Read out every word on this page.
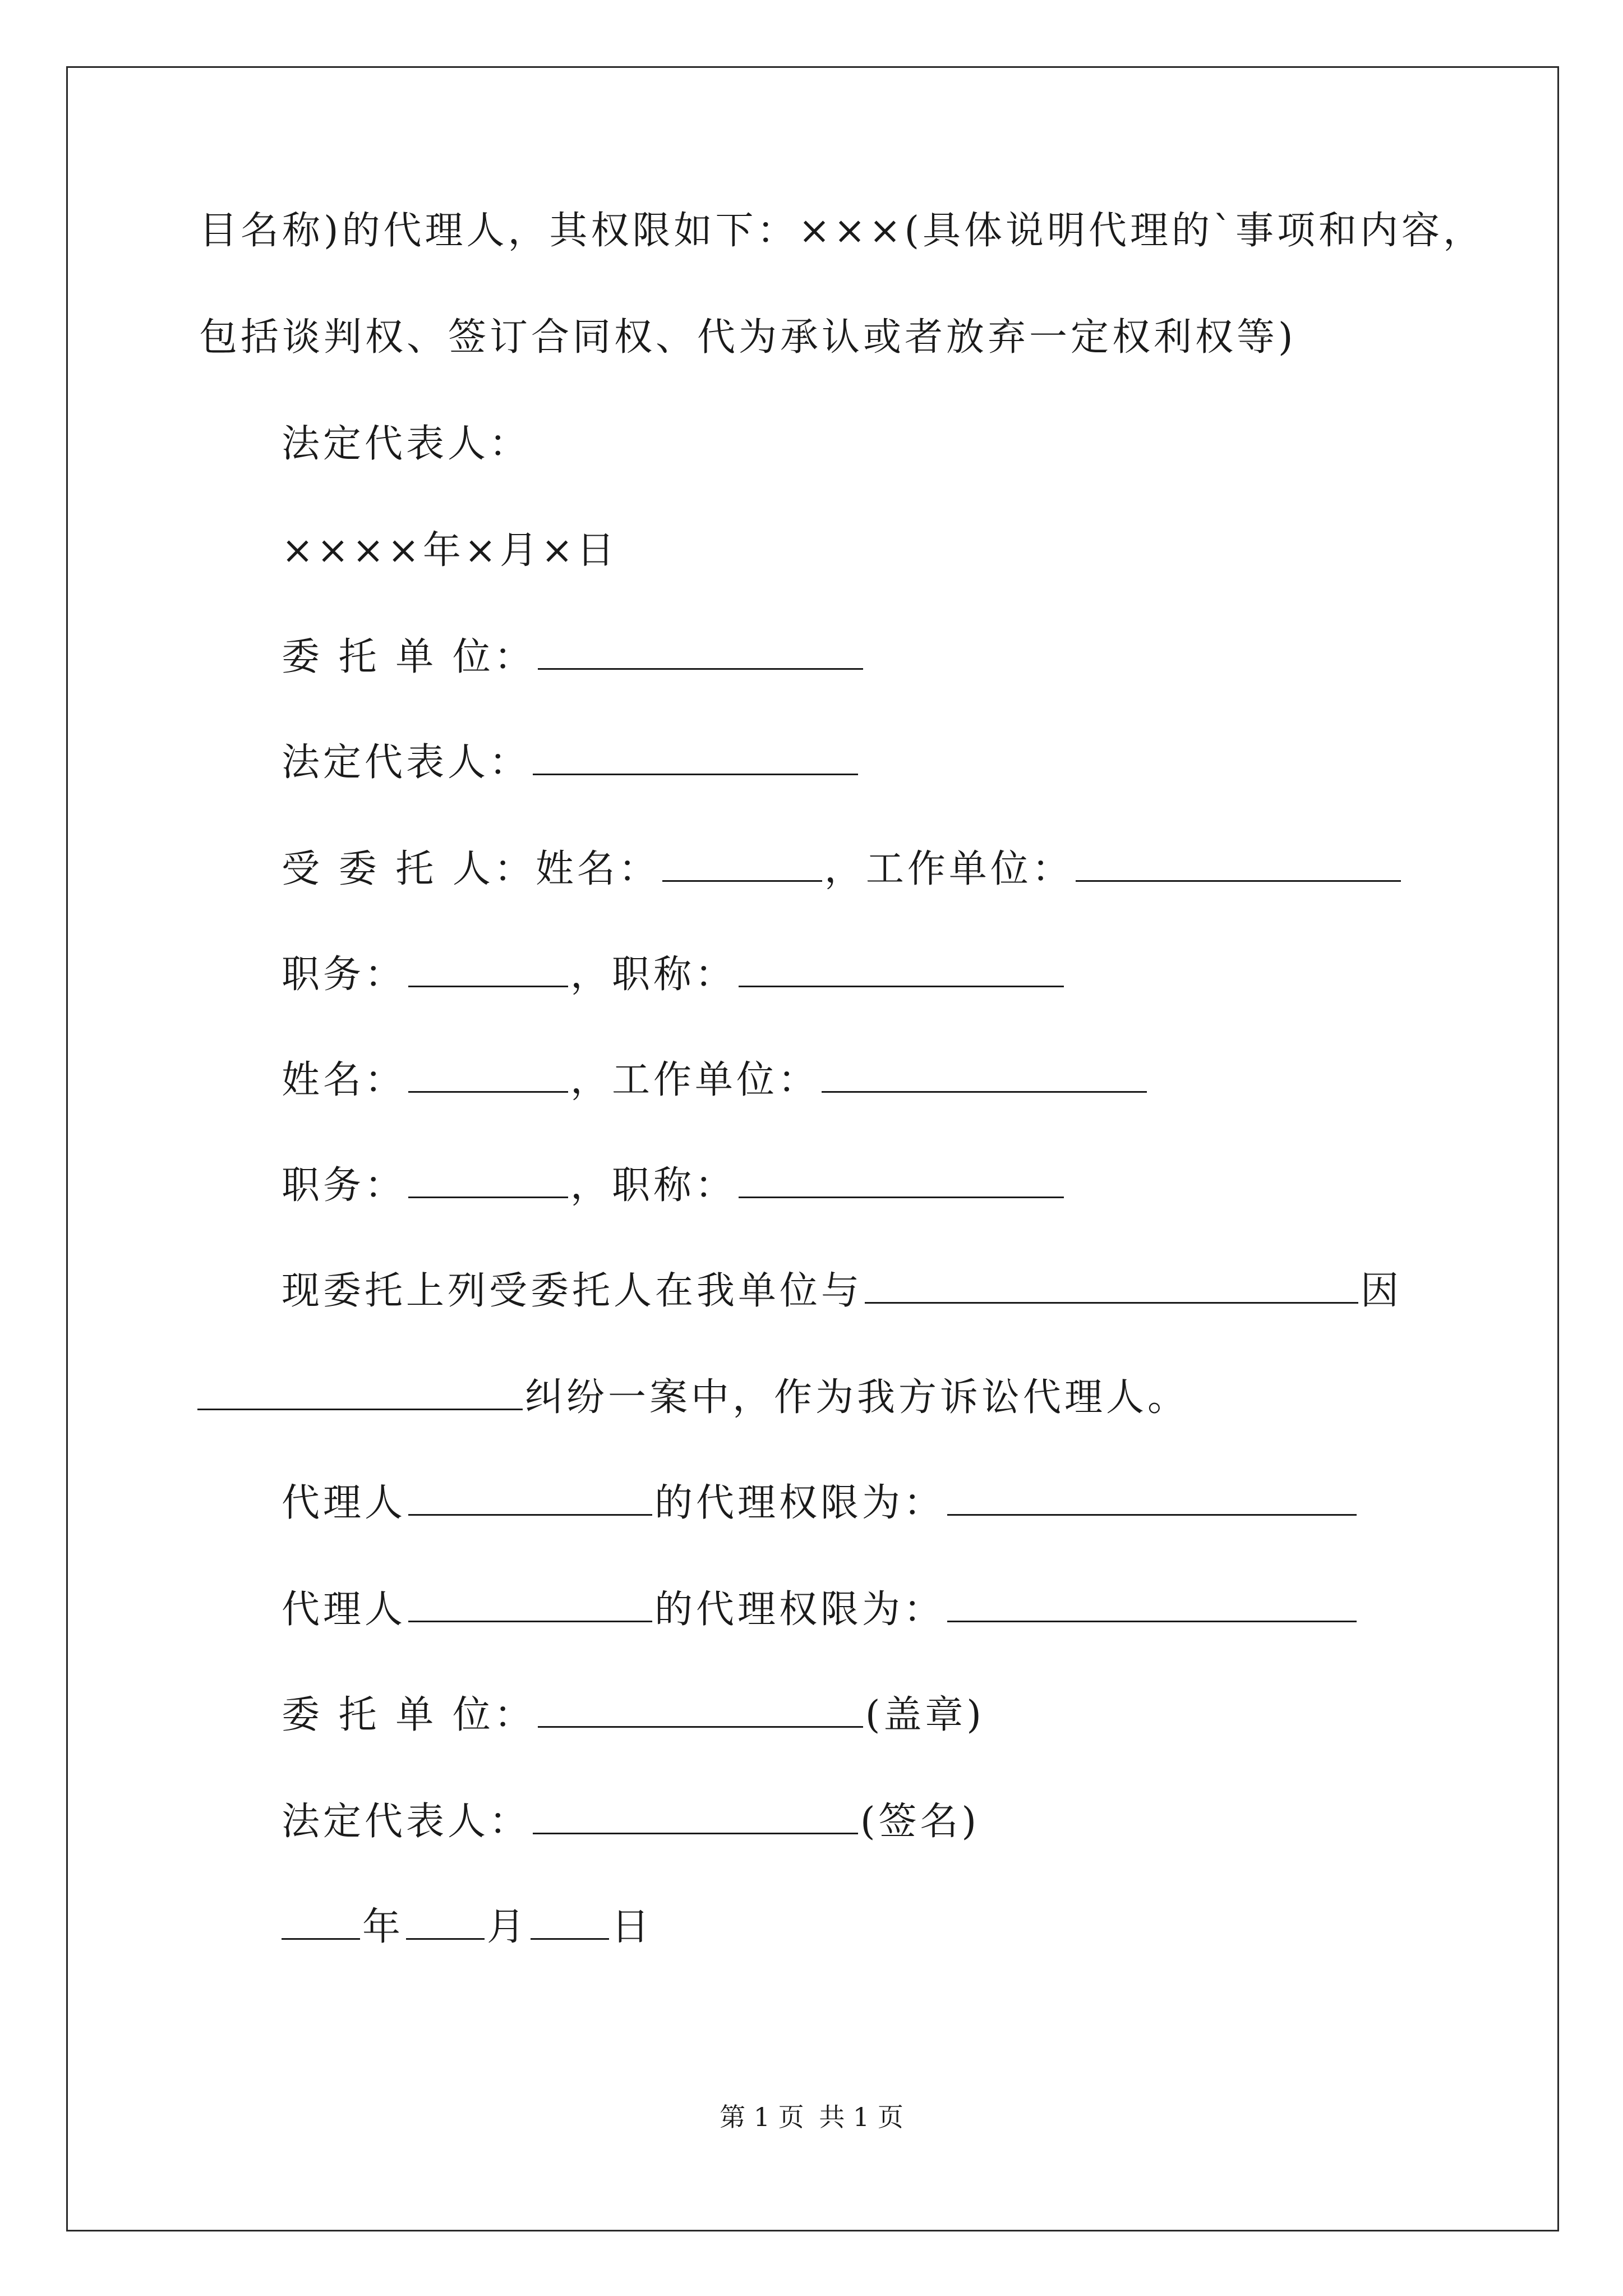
目名称)的代理人，其权限如下：×××(具体说明代理的`事项和内容，
包括谈判权、签订合同权、代为承认或者放弃一定权利权等)
法定代表人：
××××年×月×日
委 托 单 位：
法定代表人：
受 委 托 人：姓名：	，工作单位：
职务：	，职称：
姓名：	，工作单位：
职务：	，职称：
现委托上列受委托人在我单位与	因
纠纷一案中，作为我方诉讼代理人。
代理人	的代理权限为：
代理人	的代理权限为：
委 托 单 位：	(盖章)
法定代表人：	(签名)
年 月 日
第 1 页 共 1 页
